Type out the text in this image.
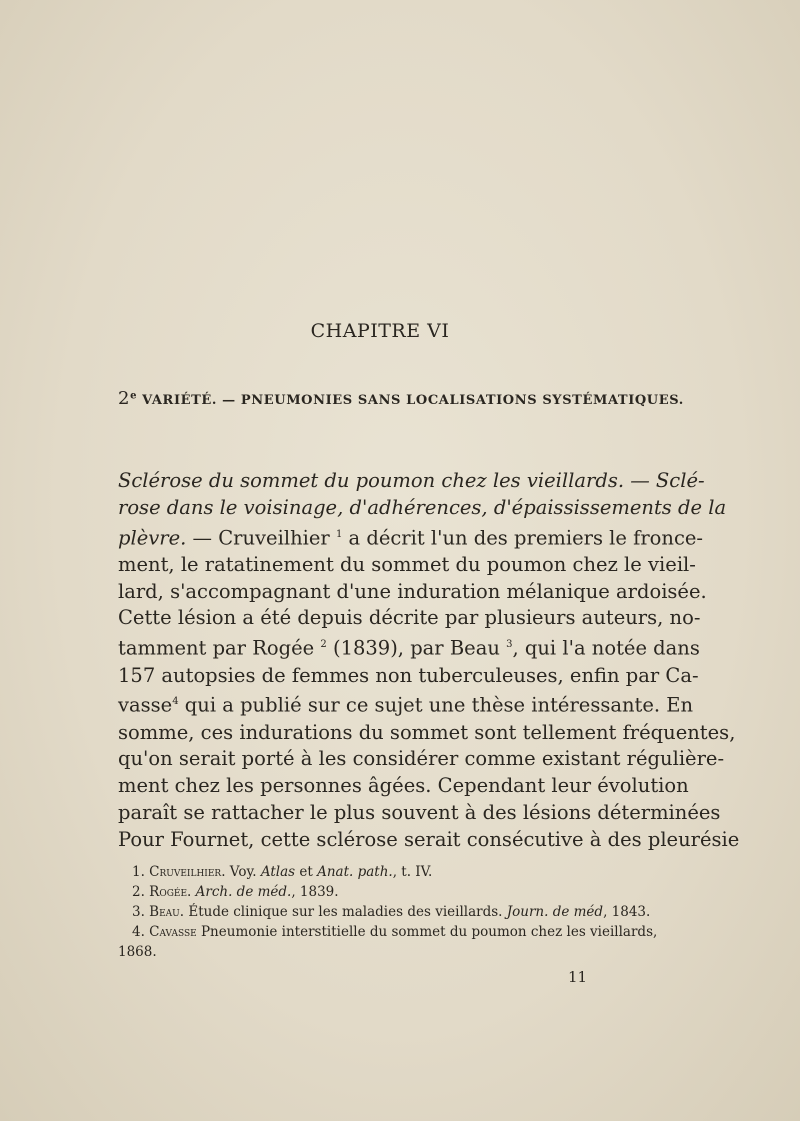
CHAPITRE VI
2e VARIÉTÉ. — PNEUMONIES SANS LOCALISATIONS SYSTÉMATIQUES.
Sclérose du sommet du poumon chez les vieillards. — Sclé-
rose dans le voisinage, d'adhérences, d'épaississements de la
plèvre. — Cruveilhier $^1$ a décrit l'un des premiers le fronce-
ment, le ratatinement du sommet du poumon chez le vieil-
lard, s'accompagnant d'une induration mélanique ardoisée.
Cette lésion a été depuis décrite par plusieurs auteurs, no-
tamment par Rogée $^2$ (1839), par Beau $^3$, qui l'a notée dans
157 autopsies de femmes non tuberculeuses, enfin par Ca-
vasse$^4$ qui a publié sur ce sujet une thèse intéressante. En
somme, ces indurations du sommet sont tellement fréquentes,
qu'on serait porté à les considérer comme existant régulière-
ment chez les personnes âgées. Cependant leur évolution
paraît se rattacher le plus souvent à des lésions déterminées
Pour Fournet, cette sclérose serait consécutive à des pleurésie
1. Cruveilhier. Voy. Atlas et Anat. path., t. IV.
2. Rogée. Arch. de méd., 1839.
3. Beau. Étude clinique sur les maladies des vieillards. Journ. de méd, 1843.
4. Cavasse Pneumonie interstitielle du sommet du poumon chez les vieillards,
1868.
11
